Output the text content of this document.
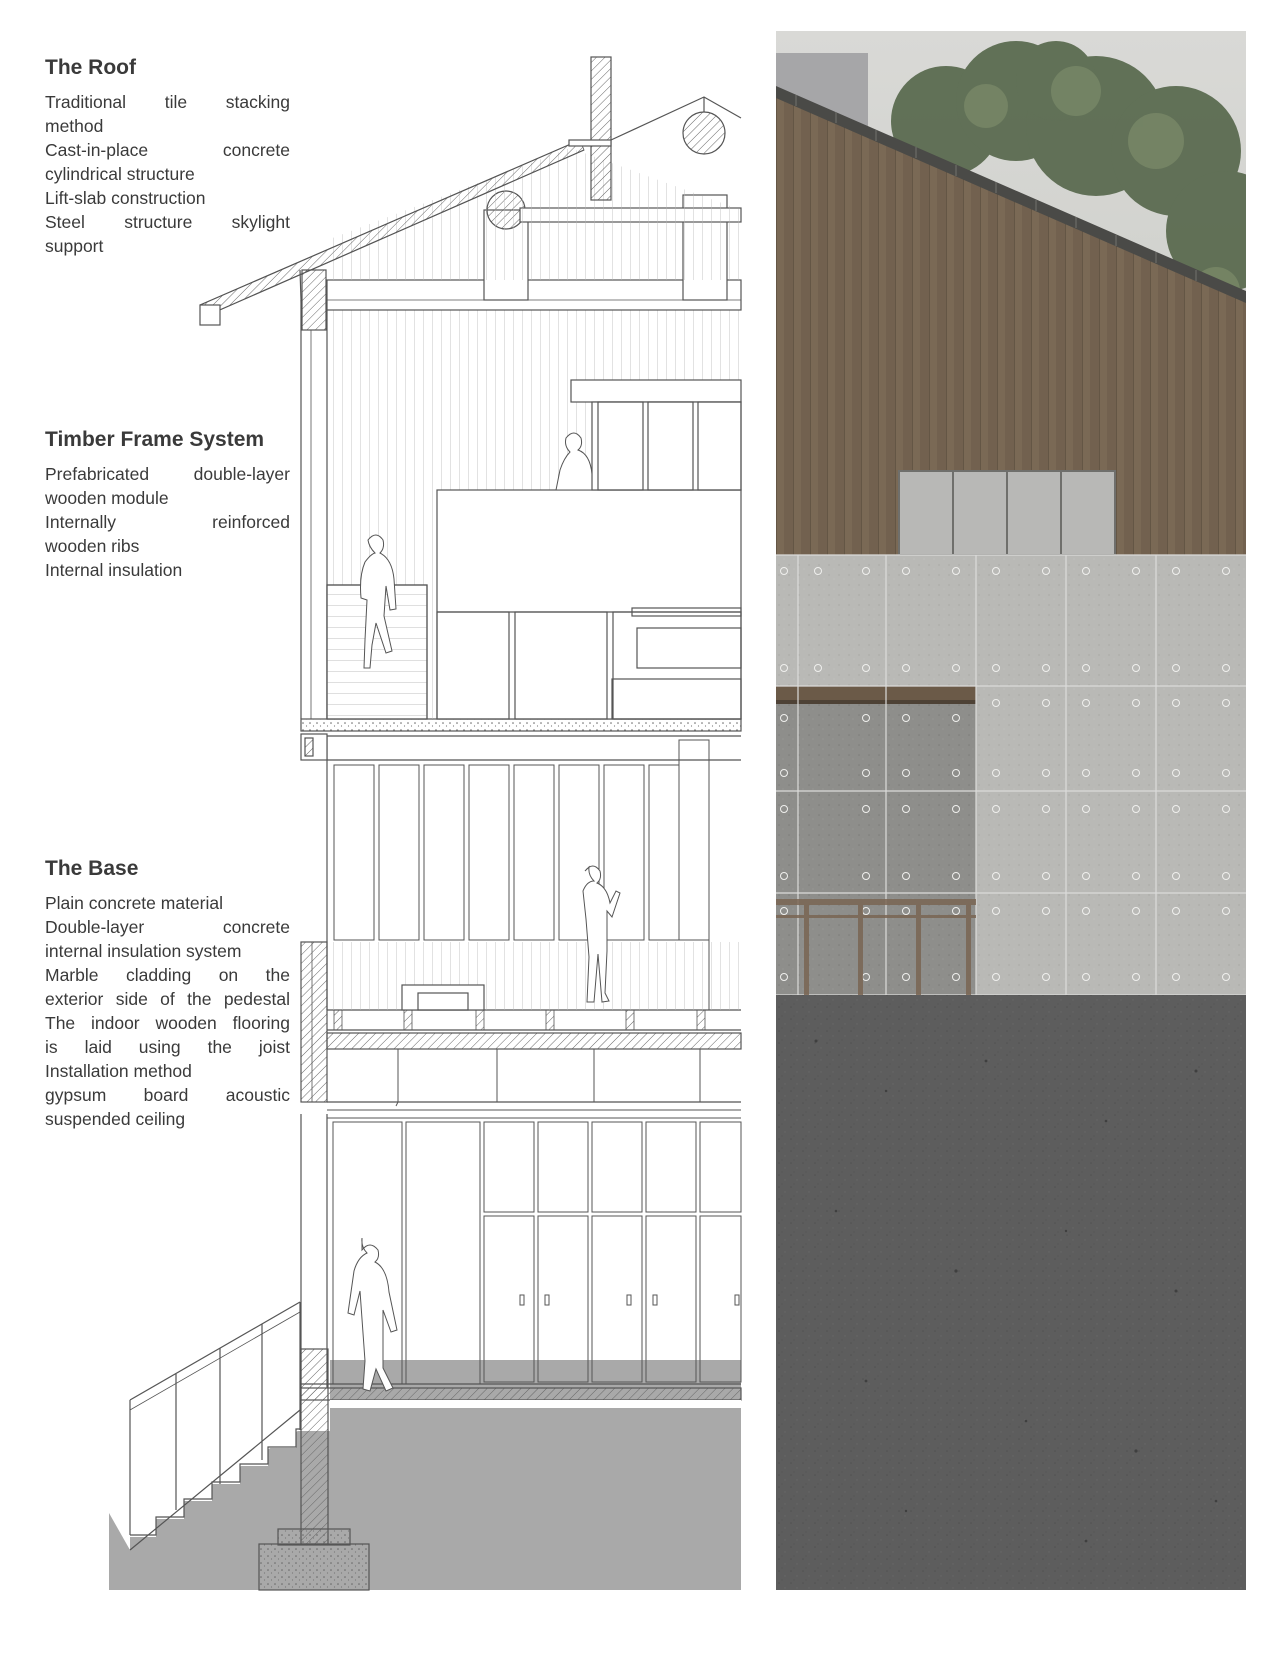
The Roof
Traditional tile stacking
method
Cast-in-place concrete
cylindrical structure
Lift-slab construction
Steel structure skylight
support
Timber Frame System
Prefabricated double-layer
wooden module
Internally reinforced
wooden ribs
Internal insulation
The Base
Plain concrete material
Double-layer concrete
internal insulation system
Marble cladding on the
exterior side of the pedestal
The indoor wooden flooring
is laid using the joist
Installation method
gypsum board acoustic
suspended ceiling
